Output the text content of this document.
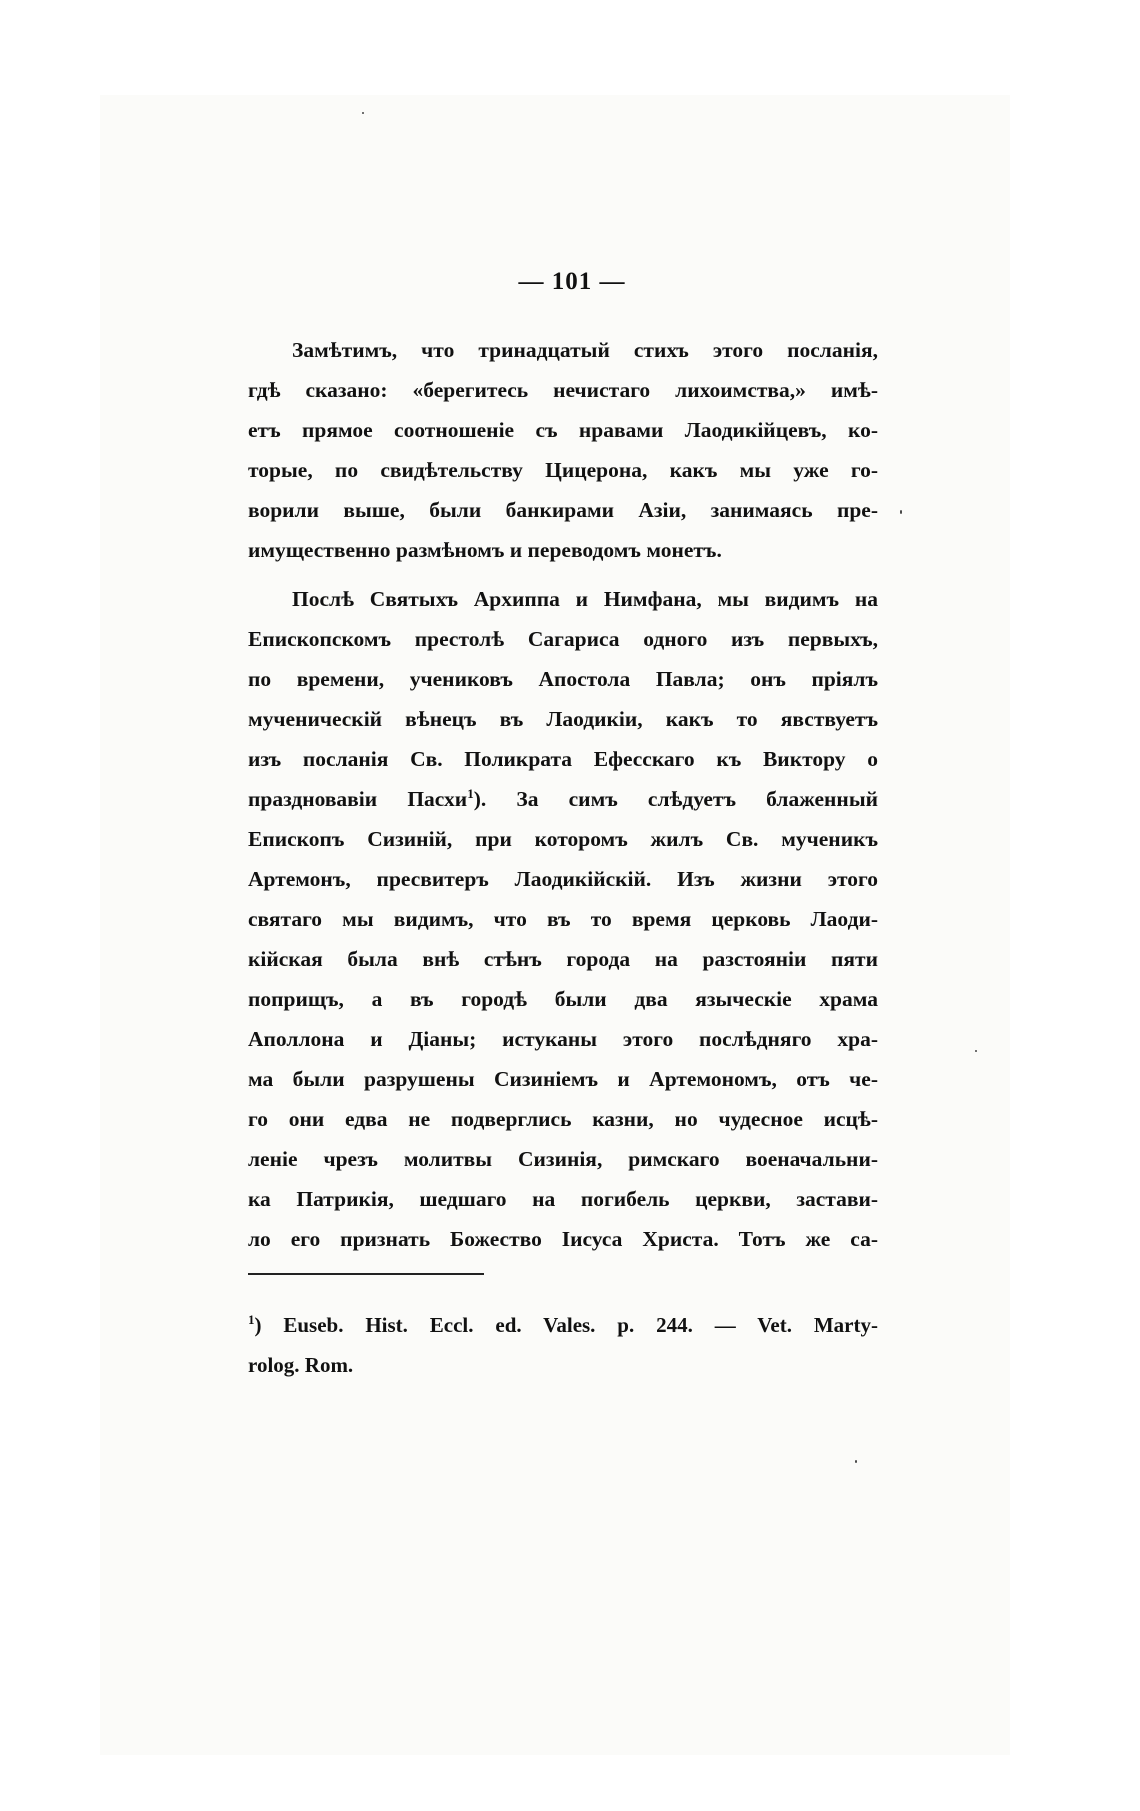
— 101 —
Замѣтимъ, что тринадцатый стихъ этого посланія,
гдѣ сказано: «берегитесь нечистаго лихоимства,» имѣ-
етъ прямое соотношеніе съ нравами Лаодикійцевъ, ко-
торые, по свидѣтельству Цицерона, какъ мы уже го-
ворили выше, были банкирами Азіи, занимаясь пре-
имущественно размѣномъ и переводомъ монетъ.
Послѣ Святыхъ Архиппа и Нимфана, мы видимъ на
Епископскомъ престолѣ Сагариса одного изъ первыхъ,
по времени, учениковъ Апостола Павла; онъ пріялъ
мученическій вѣнецъ въ Лаодикіи, какъ то явствуетъ
изъ посланія Св. Поликрата Ефесскаго къ Виктору о
праздновавіи Пасхи$^1$). За симъ слѣдуетъ блаженный
Епископъ Сизиній, при которомъ жилъ Св. мученикъ
Артемонъ, пресвитеръ Лаодикійскій. Изъ жизни этого
святаго мы видимъ, что въ то время церковь Лаоди-
кійская была внѣ стѣнъ города на разстояніи пяти
поприщъ, а въ городѣ были два языческіе храма
Аполлона и Діаны; истуканы этого послѣдняго хра-
ма были разрушены Сизиніемъ и Артемономъ, отъ че-
го они едва не подверглись казни, но чудесное исцѣ-
леніе чрезъ молитвы Сизинія, римскаго военачальни-
ка Патрикія, шедшаго на погибель церкви, застави-
ло его признать Божество Іисуса Христа. Тотъ же са-
$^1$) Euseb. Hist. Eccl. ed. Vales. p. 244. — Vet. Marty-
rolog. Rom.
